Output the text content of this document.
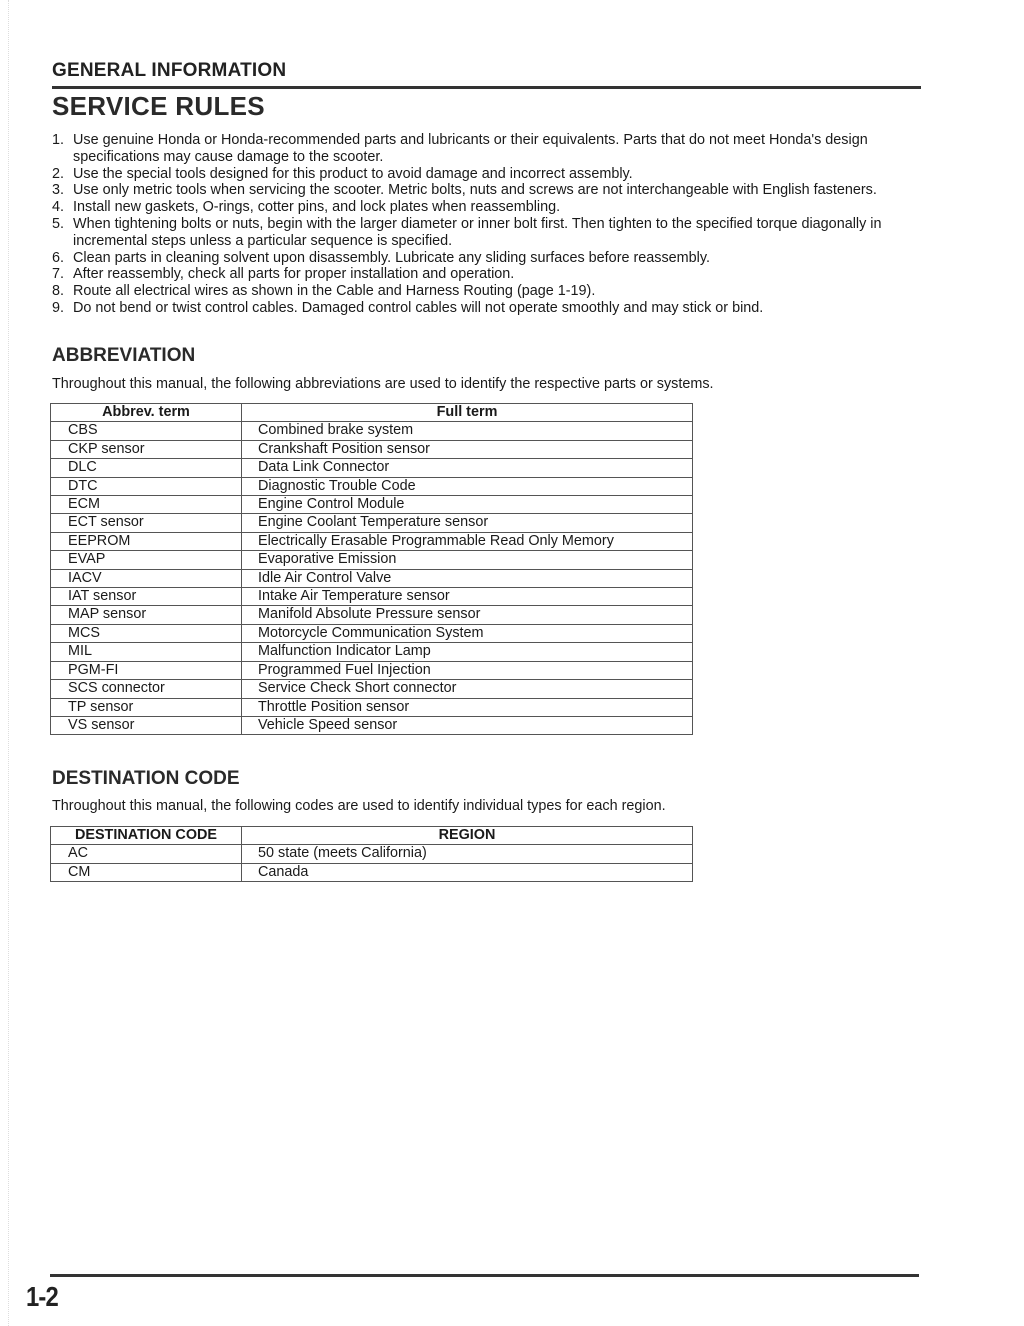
GENERAL INFORMATION
SERVICE RULES
1. Use genuine Honda or Honda-recommended parts and lubricants or their equivalents. Parts that do not meet Honda's design specifications may cause damage to the scooter.
2. Use the special tools designed for this product to avoid damage and incorrect assembly.
3. Use only metric tools when servicing the scooter. Metric bolts, nuts and screws are not interchangeable with English fasteners.
4. Install new gaskets, O-rings, cotter pins, and lock plates when reassembling.
5. When tightening bolts or nuts, begin with the larger diameter or inner bolt first. Then tighten to the specified torque diagonally in incremental steps unless a particular sequence is specified.
6. Clean parts in cleaning solvent upon disassembly. Lubricate any sliding surfaces before reassembly.
7. After reassembly, check all parts for proper installation and operation.
8. Route all electrical wires as shown in the Cable and Harness Routing (page 1-19).
9. Do not bend or twist control cables. Damaged control cables will not operate smoothly and may stick or bind.
ABBREVIATION
Throughout this manual, the following abbreviations are used to identify the respective parts or systems.
Abbrev. term	Full term
CBS	Combined brake system
CKP sensor	Crankshaft Position sensor
DLC	Data Link Connector
DTC	Diagnostic Trouble Code
ECM	Engine Control Module
ECT sensor	Engine Coolant Temperature sensor
EEPROM	Electrically Erasable Programmable Read Only Memory
EVAP	Evaporative Emission
IACV	Idle Air Control Valve
IAT sensor	Intake Air Temperature sensor
MAP sensor	Manifold Absolute Pressure sensor
MCS	Motorcycle Communication System
MIL	Malfunction Indicator Lamp
PGM-FI	Programmed Fuel Injection
SCS connector	Service Check Short connector
TP sensor	Throttle Position sensor
VS sensor	Vehicle Speed sensor
DESTINATION CODE
Throughout this manual, the following codes are used to identify individual types for each region.
DESTINATION CODE	REGION
AC	50 state (meets California)
CM	Canada
1-2
